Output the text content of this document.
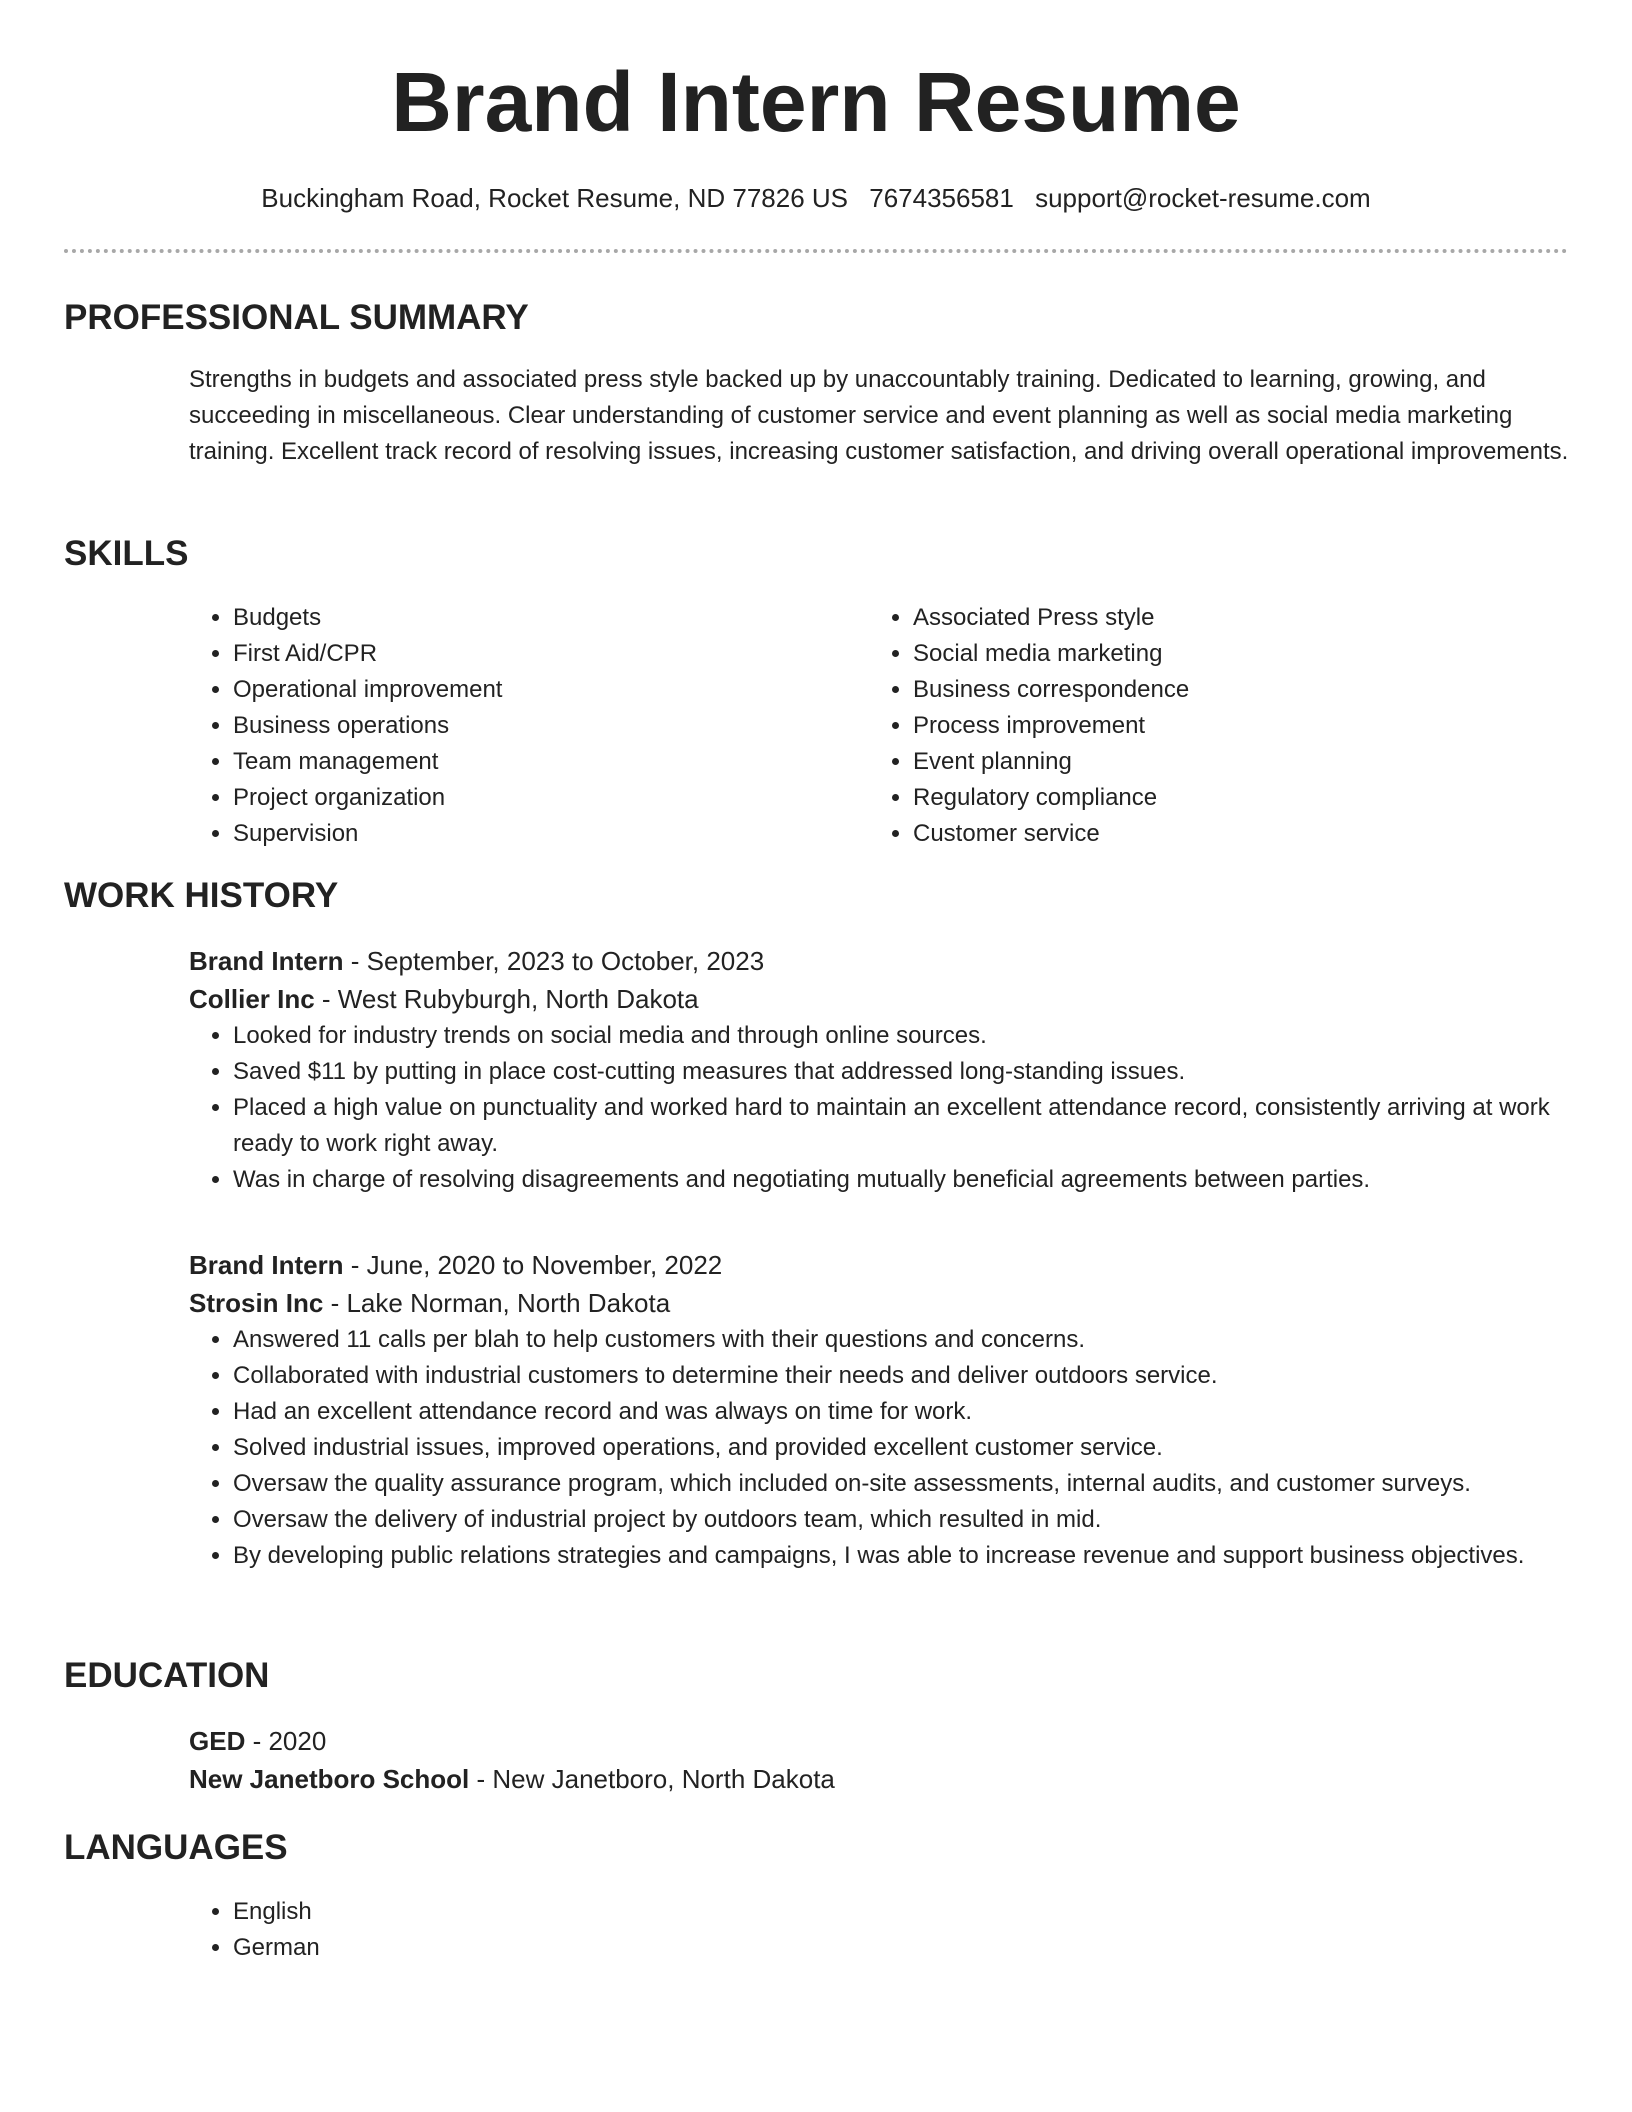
Brand Intern Resume
Buckingham Road, Rocket Resume, ND 77826 US 7674356581 support@rocket-resume.com
PROFESSIONAL SUMMARY
Strengths in budgets and associated press style backed up by unaccountably training. Dedicated to learning, growing, and succeeding in miscellaneous. Clear understanding of customer service and event planning as well as social media marketing training. Excellent track record of resolving issues, increasing customer satisfaction, and driving overall operational improvements.
SKILLS
• Budgets
• First Aid/CPR
• Operational improvement
• Business operations
• Team management
• Project organization
• Supervision
• Associated Press style
• Social media marketing
• Business correspondence
• Process improvement
• Event planning
• Regulatory compliance
• Customer service
WORK HISTORY
Brand Intern - September, 2023 to October, 2023
Collier Inc - West Rubyburgh, North Dakota
• Looked for industry trends on social media and through online sources.
• Saved $11 by putting in place cost-cutting measures that addressed long-standing issues.
• Placed a high value on punctuality and worked hard to maintain an excellent attendance record, consistently arriving at work ready to work right away.
• Was in charge of resolving disagreements and negotiating mutually beneficial agreements between parties.
Brand Intern - June, 2020 to November, 2022
Strosin Inc - Lake Norman, North Dakota
• Answered 11 calls per blah to help customers with their questions and concerns.
• Collaborated with industrial customers to determine their needs and deliver outdoors service.
• Had an excellent attendance record and was always on time for work.
• Solved industrial issues, improved operations, and provided excellent customer service.
• Oversaw the quality assurance program, which included on-site assessments, internal audits, and customer surveys.
• Oversaw the delivery of industrial project by outdoors team, which resulted in mid.
• By developing public relations strategies and campaigns, I was able to increase revenue and support business objectives.
EDUCATION
GED - 2020
New Janetboro School - New Janetboro, North Dakota
LANGUAGES
• English
• German
